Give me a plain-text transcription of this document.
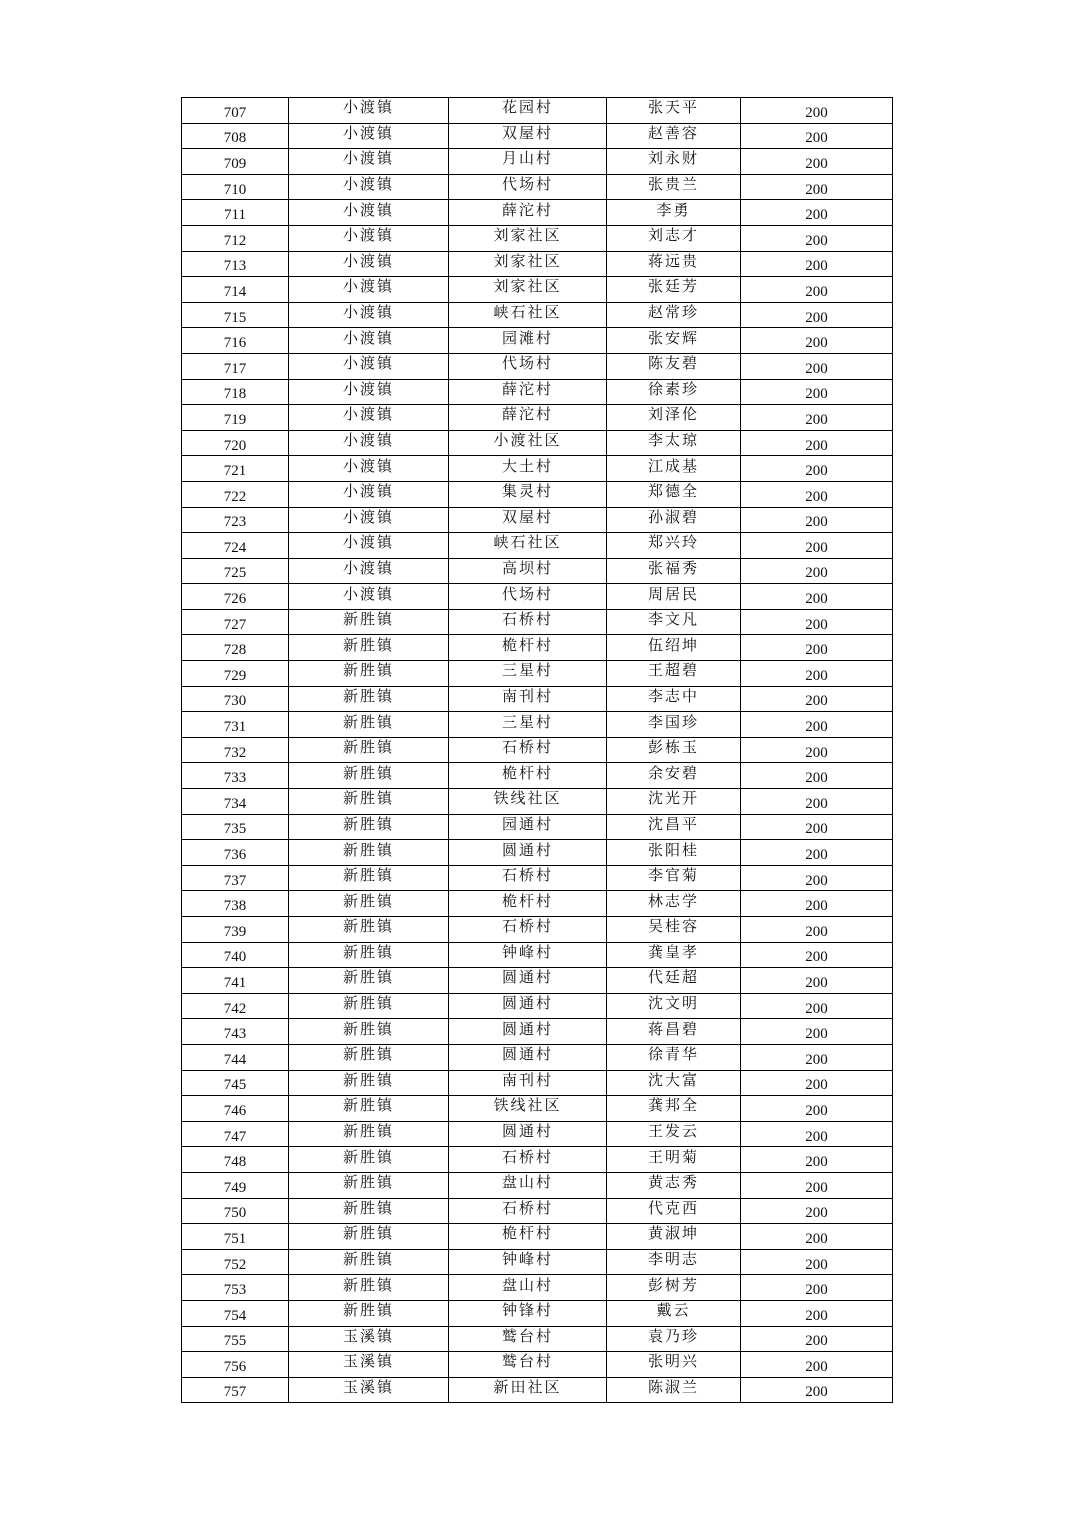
707	小渡镇	花园村	张天平	200
708	小渡镇	双屋村	赵善容	200
709	小渡镇	月山村	刘永财	200
710	小渡镇	代场村	张贵兰	200
711	小渡镇	薛沱村	李勇	200
712	小渡镇	刘家社区	刘志才	200
713	小渡镇	刘家社区	蒋远贵	200
714	小渡镇	刘家社区	张廷芳	200
715	小渡镇	峡石社区	赵常珍	200
716	小渡镇	园滩村	张安辉	200
717	小渡镇	代场村	陈友碧	200
718	小渡镇	薛沱村	徐素珍	200
719	小渡镇	薛沱村	刘泽伦	200
720	小渡镇	小渡社区	李太琼	200
721	小渡镇	大土村	江成基	200
722	小渡镇	集灵村	郑德全	200
723	小渡镇	双屋村	孙淑碧	200
724	小渡镇	峡石社区	郑兴玲	200
725	小渡镇	高坝村	张福秀	200
726	小渡镇	代场村	周居民	200
727	新胜镇	石桥村	李文凡	200
728	新胜镇	桅杆村	伍绍坤	200
729	新胜镇	三星村	王超碧	200
730	新胜镇	南刊村	李志中	200
731	新胜镇	三星村	李国珍	200
732	新胜镇	石桥村	彭栋玉	200
733	新胜镇	桅杆村	余安碧	200
734	新胜镇	铁线社区	沈光开	200
735	新胜镇	园通村	沈昌平	200
736	新胜镇	圆通村	张阳桂	200
737	新胜镇	石桥村	李官菊	200
738	新胜镇	桅杆村	林志学	200
739	新胜镇	石桥村	吴桂容	200
740	新胜镇	钟峰村	龚皇孝	200
741	新胜镇	圆通村	代廷超	200
742	新胜镇	圆通村	沈文明	200
743	新胜镇	圆通村	蒋昌碧	200
744	新胜镇	圆通村	徐青华	200
745	新胜镇	南刊村	沈大富	200
746	新胜镇	铁线社区	龚邦全	200
747	新胜镇	圆通村	王发云	200
748	新胜镇	石桥村	王明菊	200
749	新胜镇	盘山村	黄志秀	200
750	新胜镇	石桥村	代克西	200
751	新胜镇	桅杆村	黄淑坤	200
752	新胜镇	钟峰村	李明志	200
753	新胜镇	盘山村	彭树芳	200
754	新胜镇	钟锋村	戴云	200
755	玉溪镇	鹫台村	袁乃珍	200
756	玉溪镇	鹫台村	张明兴	200
757	玉溪镇	新田社区	陈淑兰	200
